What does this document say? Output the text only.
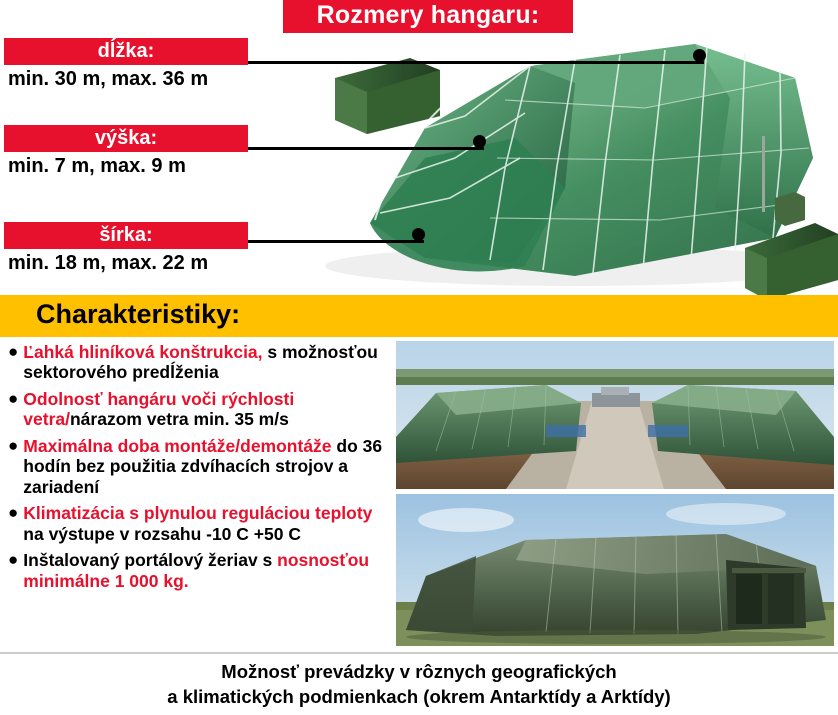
Rozmery hangaru:
dĺžka:
min. 30 m, max. 36 m
výška:
min. 7 m, max. 9 m
šírka:
min. 18 m, max. 22 m
Charakteristiky:
● Ľahká hliníková konštrukcia, s možnosťou sektorového predĺženia
● Odolnosť hangáru voči rýchlosti vetra/nárazom vetra min. 35 m/s
● Maximálna doba montáže/demontáže do 36 hodín bez použitia zdvíhacích strojov a zariadení
● Klimatizácia s plynulou reguláciou teploty na výstupe v rozsahu -10 C +50 C
● Inštalovaný portálový žeriav s nosnosťou minimálne 1 000 kg.
Možnosť prevádzky v rôznych geografických
a klimatických podmienkach (okrem Antarktídy a Arktídy)
